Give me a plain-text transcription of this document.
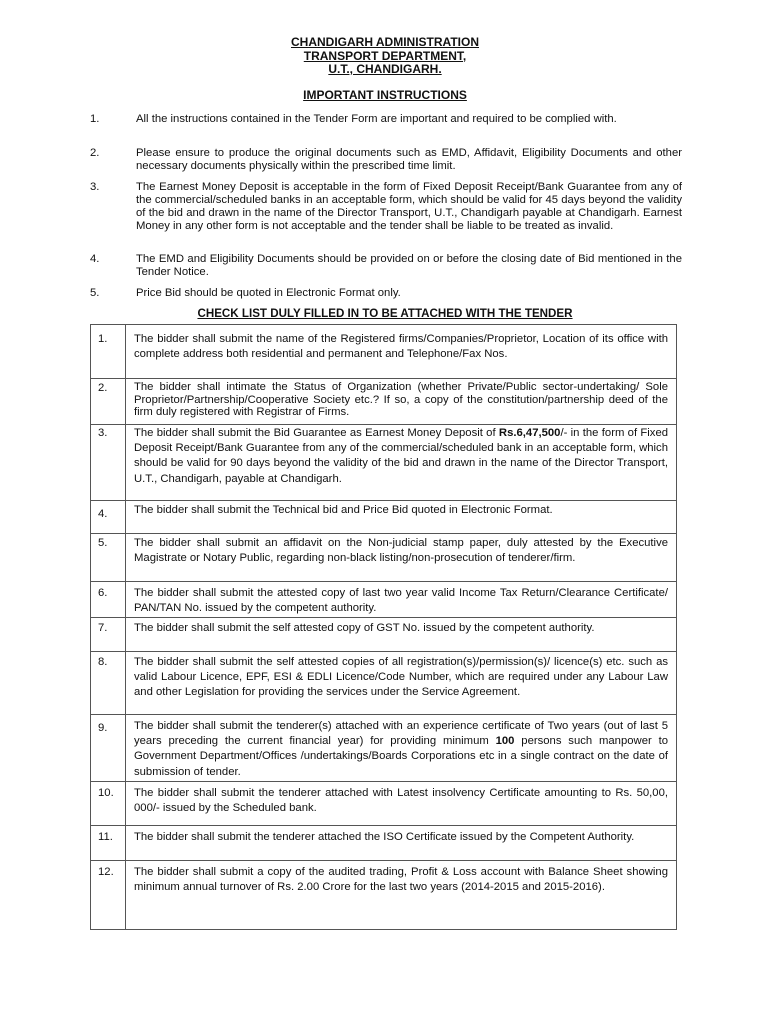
CHANDIGARH ADMINISTRATION
TRANSPORT DEPARTMENT,
U.T., CHANDIGARH.
IMPORTANT INSTRUCTIONS
1.	All the instructions contained in the Tender Form are important and required to be complied with.
2.	Please ensure to produce the original documents such as EMD, Affidavit, Eligibility Documents and other necessary documents physically within the prescribed time limit.
3.	The Earnest Money Deposit is acceptable in the form of Fixed Deposit Receipt/Bank Guarantee from any of the commercial/scheduled banks in an acceptable form, which should be valid for 45 days beyond the validity of the bid and drawn in the name of the Director Transport, U.T., Chandigarh payable at Chandigarh. Earnest Money in any other form is not acceptable and the tender shall be liable to be treated as invalid.
4.	The EMD and Eligibility Documents should be provided on or before the closing date of Bid mentioned in the Tender Notice.
5.	Price Bid should be quoted in Electronic Format only.
CHECK LIST DULY FILLED IN TO BE ATTACHED WITH THE TENDER
1. The bidder shall submit the name of the Registered firms/Companies/Proprietor, Location of its office with complete address both residential and permanent and Telephone/Fax Nos.
2. The bidder shall intimate the Status of Organization (whether Private/Public sector-undertaking/ Sole Proprietor/Partnership/Cooperative Society etc.? If so, a copy of the constitution/partnership deed of the firm duly registered with Registrar of Firms.
3. The bidder shall submit the Bid Guarantee as Earnest Money Deposit of Rs.6,47,500/- in the form of Fixed Deposit Receipt/Bank Guarantee from any of the commercial/scheduled bank in an acceptable form, which should be valid for 90 days beyond the validity of the bid and drawn in the name of the Director Transport, U.T., Chandigarh, payable at Chandigarh.
4. The bidder shall submit the Technical bid and Price Bid quoted in Electronic Format.
5. The bidder shall submit an affidavit on the Non-judicial stamp paper, duly attested by the Executive Magistrate or Notary Public, regarding non-black listing/non-prosecution of tenderer/firm.
6. The bidder shall submit the attested copy of last two year valid Income Tax Return/Clearance Certificate/ PAN/TAN No. issued by the competent authority.
7. The bidder shall submit the self attested copy of GST No. issued by the competent authority.
8. The bidder shall submit the self attested copies of all registration(s)/permission(s)/ licence(s) etc. such as valid Labour Licence, EPF, ESI & EDLI Licence/Code Number, which are required under any Labour Law and other Legislation for providing the services under the Service Agreement.
9. The bidder shall submit the tenderer(s) attached with an experience certificate of Two years (out of last 5 years preceding the current financial year) for providing minimum 100 persons such manpower to Government Department/Offices /undertakings/Boards Corporations etc in a single contract on the date of submission of tender.
10. The bidder shall submit the tenderer attached with Latest insolvency Certificate amounting to Rs. 50,00, 000/- issued by the Scheduled bank.
11. The bidder shall submit the tenderer attached the ISO Certificate issued by the Competent Authority.
12. The bidder shall submit a copy of the audited trading, Profit & Loss account with Balance Sheet showing minimum annual turnover of Rs. 2.00 Crore for the last two years (2014-2015 and 2015-2016).
